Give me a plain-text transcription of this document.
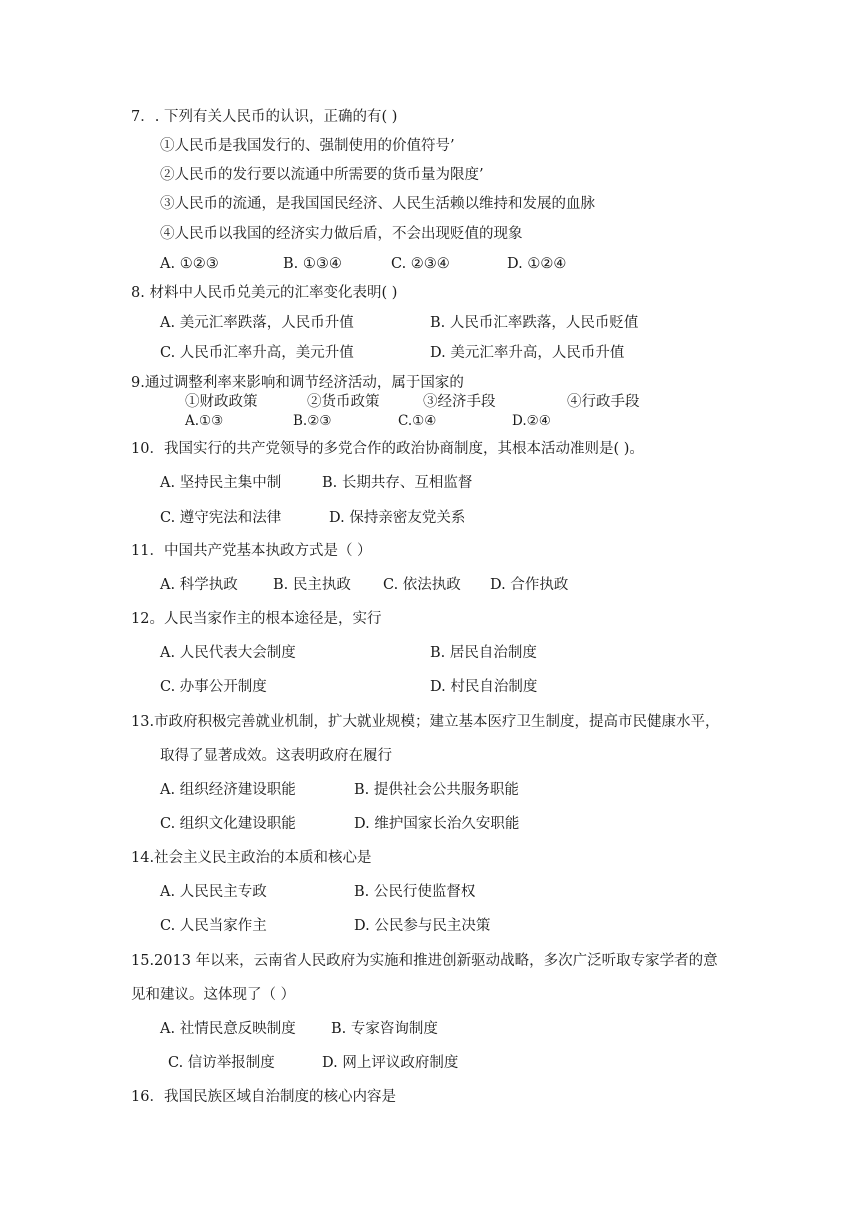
7．. 下列有关人民币的认识，正确的有( )
①人民币是我国发行的、强制使用的价值符号’
②人民币的发行要以流通中所需要的货币量为限度’
③人民币的流通，是我国国民经济、人民生活赖以维持和发展的血脉
④人民币以我国的经济实力做后盾，不会出现贬值的现象
A. ①②③	B. ①③④	C. ②③④	D. ①②④
8. 材料中人民币兑美元的汇率变化表明( )
A. 美元汇率跌落，人民币升值	B. 人民币汇率跌落，人民币贬值
C. 人民币汇率升高，美元升值	D. 美元汇率升高，人民币升值
9.通过调整利率来影响和调节经济活动，属于国家的
①财政政策	②货币政策	③经济手段	④行政手段
A.①③	B.②③	C.①④	D.②④
10．我国实行的共产党领导的多党合作的政治协商制度，其根本活动准则是( )。
A. 坚持民主集中制	B. 长期共存、互相监督
C. 遵守宪法和法律	D. 保持亲密友党关系
11．中国共产党基本执政方式是（ ）
A. 科学执政 B. 民主执政 C. 依法执政 D. 合作执政
12。人民当家作主的根本途径是，实行
A. 人民代表大会制度	B. 居民自治制度
C. 办事公开制度	D. 村民自治制度
13.市政府积极完善就业机制，扩大就业规模；建立基本医疗卫生制度，提高市民健康水平，
取得了显著成效。这表明政府在履行
A. 组织经济建设职能	B. 提供社会公共服务职能
C. 组织文化建设职能	D. 维护国家长治久安职能
14.社会主义民主政治的本质和核心是
A. 人民民主专政	B. 公民行使监督权
C. 人民当家作主	D. 公民参与民主决策
15.2013 年以来，云南省人民政府为实施和推进创新驱动战略，多次广泛听取专家学者的意
见和建议。这体现了（ ）
A. 社情民意反映制度 B. 专家咨询制度
C. 信访举报制度	D. 网上评议政府制度
16．我国民族区域自治制度的核心内容是
